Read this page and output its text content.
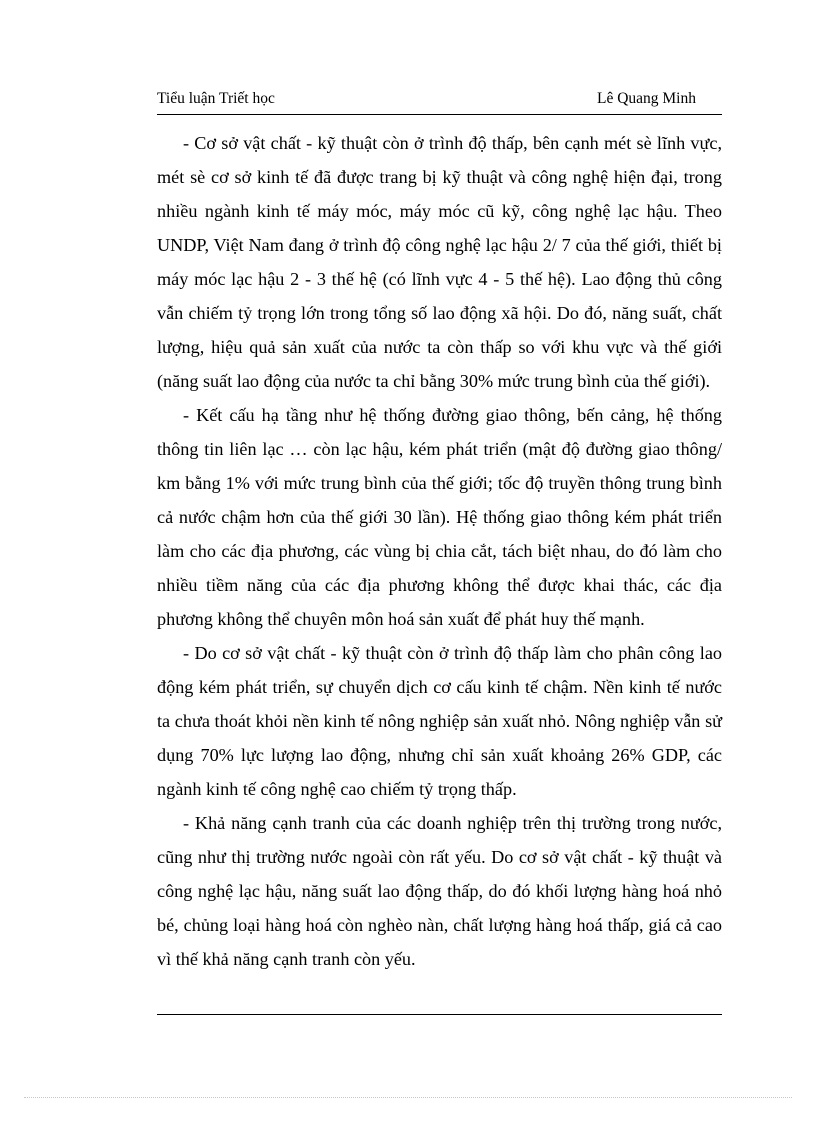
Tiểu luận Triết học	Lê Quang Minh

- Cơ sở vật chất - kỹ thuật còn ở trình độ thấp, bên cạnh mét sè lĩnh vực, mét sè cơ sở kinh tế đã được trang bị kỹ thuật và công nghệ hiện đại, trong nhiều ngành kinh tế máy móc, máy móc cũ kỹ, công nghệ lạc hậu. Theo UNDP, Việt Nam đang ở trình độ công nghệ lạc hậu 2/ 7 của thế giới, thiết bị máy móc lạc hậu 2 - 3 thế hệ (có lĩnh vực 4 - 5 thế hệ). Lao động thủ công vẫn chiếm tỷ trọng lớn trong tổng số lao động xã hội. Do đó, năng suất, chất lượng, hiệu quả sản xuất của nước ta còn thấp so với khu vực và thế giới (năng suất lao động của nước ta chỉ bằng 30% mức trung bình của thế giới).

- Kết cấu hạ tầng như hệ thống đường giao thông, bến cảng, hệ thống thông tin liên lạc … còn lạc hậu, kém phát triển (mật độ đường giao thông/ km bằng 1% với mức trung bình của thế giới; tốc độ truyền thông trung bình cả nước chậm hơn của thế giới 30 lần). Hệ thống giao thông kém phát triển làm cho các địa phương, các vùng bị chia cắt, tách biệt nhau, do đó làm cho nhiều tiềm năng của các địa phương không thể được khai thác, các địa phương không thể chuyên môn hoá sản xuất để phát huy thế mạnh.

- Do cơ sở vật chất - kỹ thuật còn ở trình độ thấp làm cho phân công lao động kém phát triển, sự chuyển dịch cơ cấu kinh tế chậm. Nền kinh tế nước ta chưa thoát khỏi nền kinh tế nông nghiệp sản xuất nhỏ. Nông nghiệp vẫn sử dụng 70% lực lượng lao động, nhưng chỉ sản xuất khoảng 26% GDP, các ngành kinh tế công nghệ cao chiếm tỷ trọng thấp.

- Khả năng cạnh tranh của các doanh nghiệp trên thị trường trong nước, cũng như thị trường nước ngoài còn rất yếu. Do cơ sở vật chất - kỹ thuật và công nghệ lạc hậu, năng suất lao động thấp, do đó khối lượng hàng hoá nhỏ bé, chủng loại hàng hoá còn nghèo nàn, chất lượng hàng hoá thấp, giá cả cao vì thế khả năng cạnh tranh còn yếu.
